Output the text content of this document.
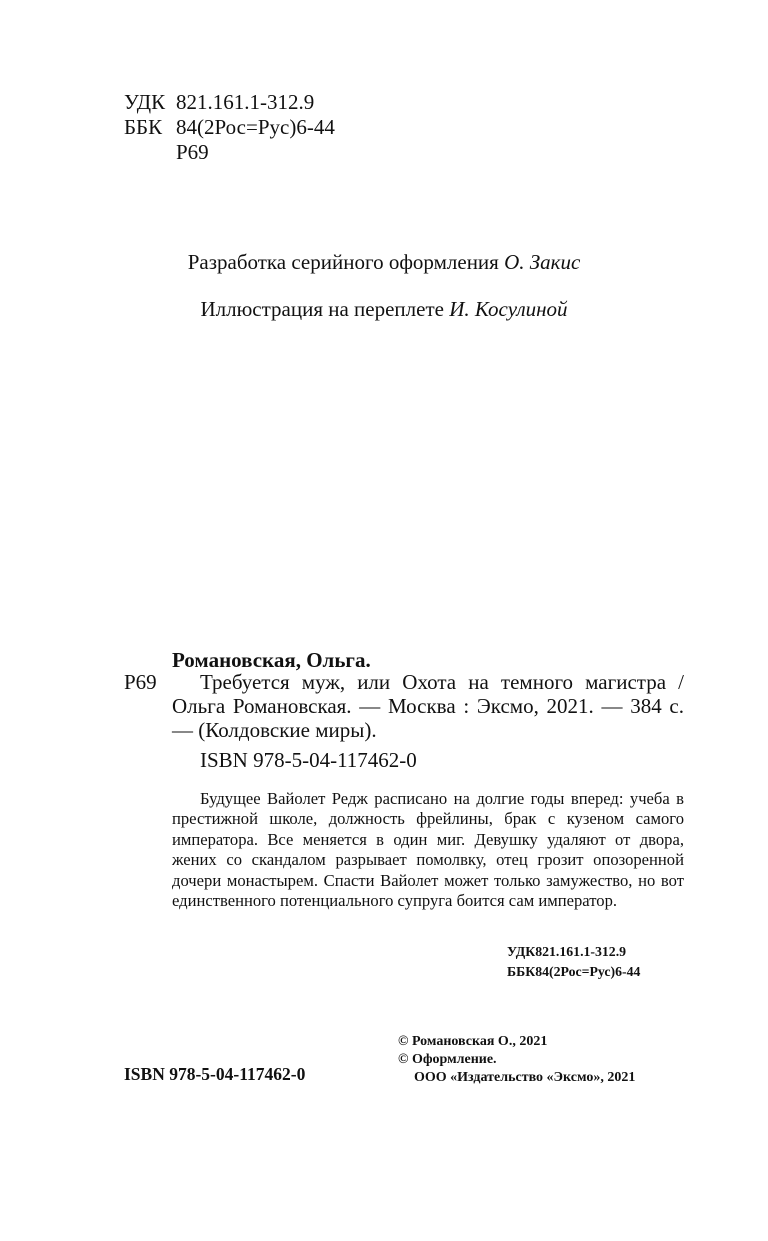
УДК 821.161.1-312.9
ББК 84(2Рос=Рус)6-44
Р69
Разработка серийного оформления О. Закис
Иллюстрация на переплете И. Косулиной
Романовская, Ольга.
Р69	Требуется муж, или Охота на темного магистра / Ольга Романовская. — Москва : Эксмо, 2021. — 384 с. — (Колдовские миры).
ISBN 978-5-04-117462-0
Будущее Вайолет Редж расписано на долгие годы вперед: учеба в престижной школе, должность фрейлины, брак с кузеном самого императора. Все меняется в один миг. Девушку удаляют от двора, жених со скандалом разрывает помолвку, отец грозит опозоренной дочери монастырем. Спасти Вайолет может только замужество, но вот единственного потенциального супруга боится сам император.
УДК821.161.1-312.9
ББК84(2Рос=Рус)6-44
© Романовская О., 2021
© Оформление.
ООО «Издательство «Эксмо», 2021
ISBN 978-5-04-117462-0
